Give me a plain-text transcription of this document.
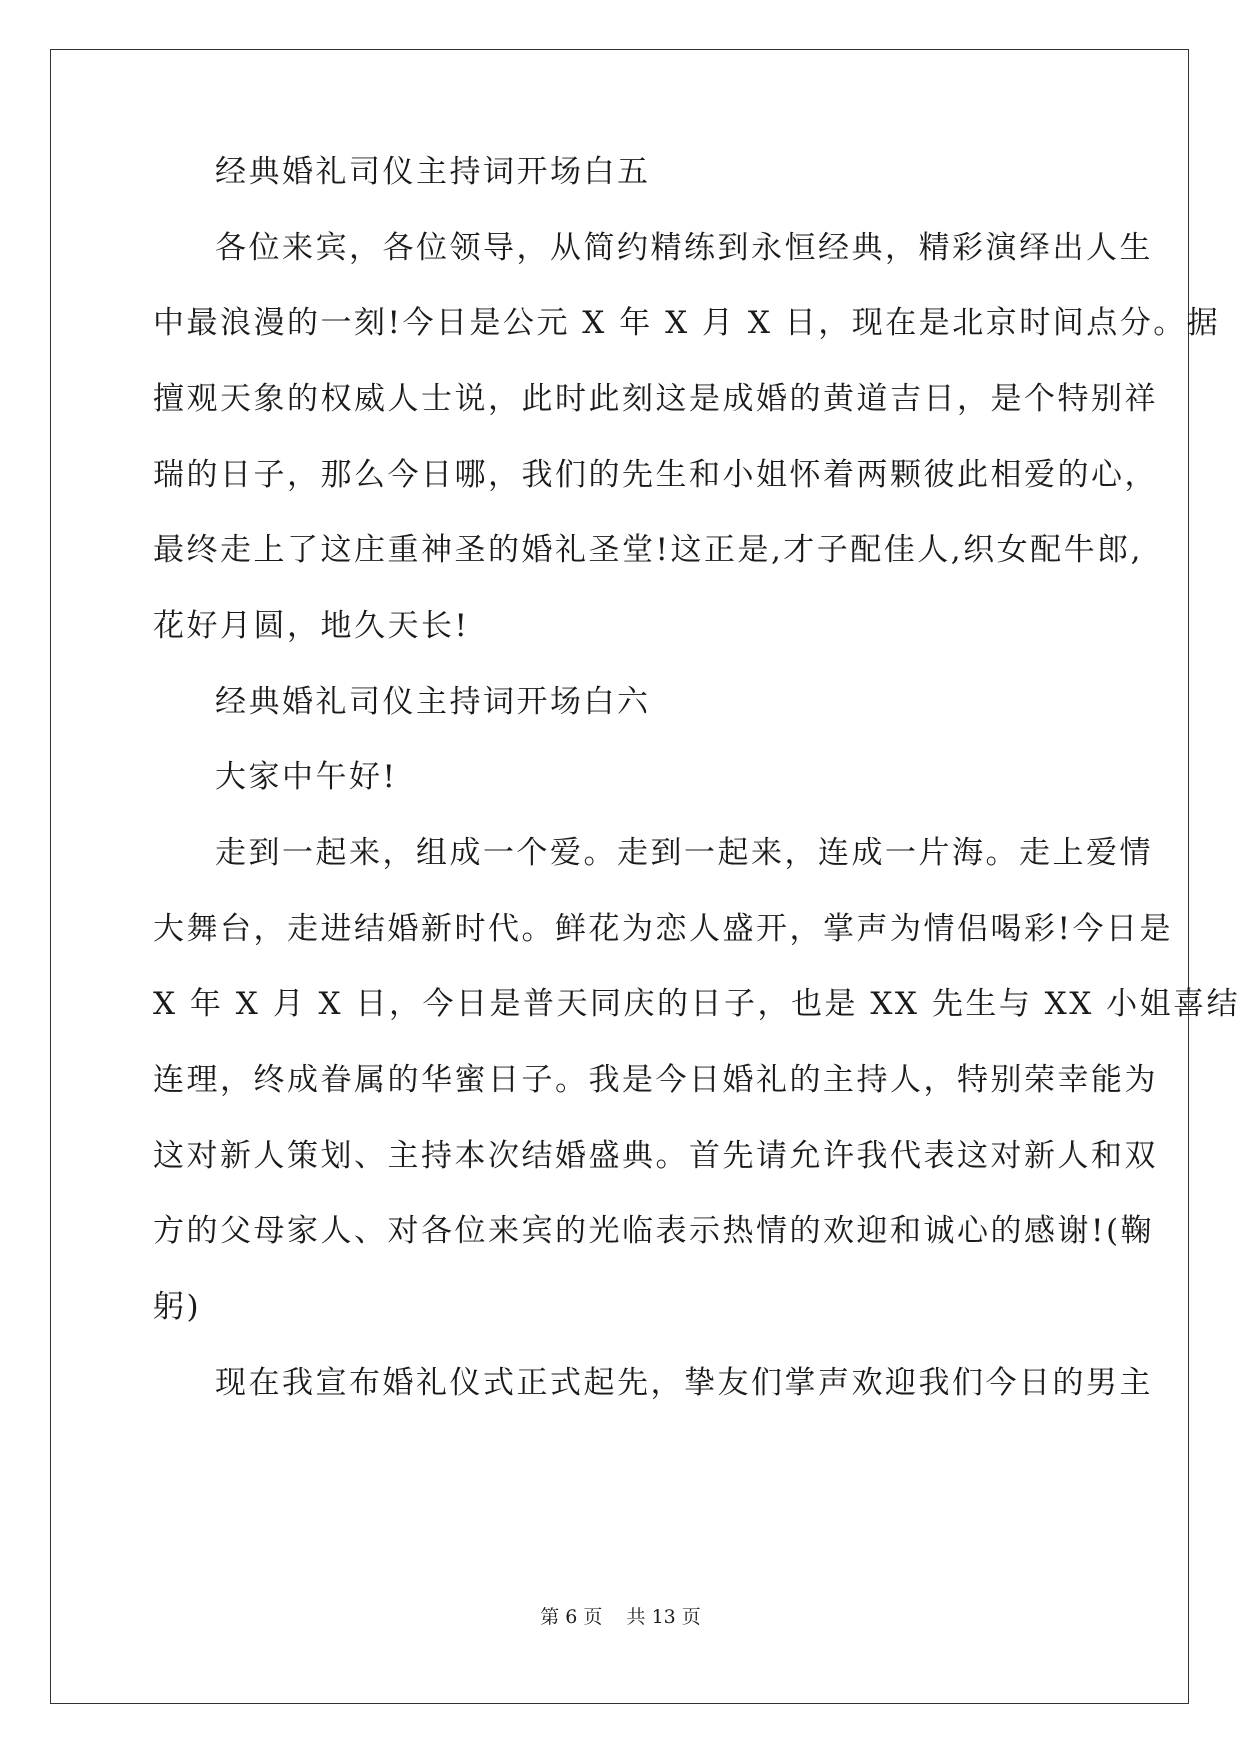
经典婚礼司仪主持词开场白五
各位来宾，各位领导，从简约精练到永恒经典，精彩演绎出人生
中最浪漫的一刻!今日是公元 X 年 X 月 X 日，现在是北京时间点分。据
擅观天象的权威人士说，此时此刻这是成婚的黄道吉日，是个特别祥
瑞的日子，那么今日哪，我们的先生和小姐怀着两颗彼此相爱的心，
最终走上了这庄重神圣的婚礼圣堂!这正是,才子配佳人,织女配牛郎,
花好月圆，地久天长!
经典婚礼司仪主持词开场白六
大家中午好!
走到一起来，组成一个爱。走到一起来，连成一片海。走上爱情
大舞台，走进结婚新时代。鲜花为恋人盛开，掌声为情侣喝彩!今日是
X 年 X 月 X 日，今日是普天同庆的日子，也是 XX 先生与 XX 小姐喜结
连理，终成眷属的华蜜日子。我是今日婚礼的主持人，特别荣幸能为
这对新人策划、主持本次结婚盛典。首先请允许我代表这对新人和双
方的父母家人、对各位来宾的光临表示热情的欢迎和诚心的感谢!(鞠
躬)
现在我宣布婚礼仪式正式起先，挚友们掌声欢迎我们今日的男主
第 6 页    共 13 页
